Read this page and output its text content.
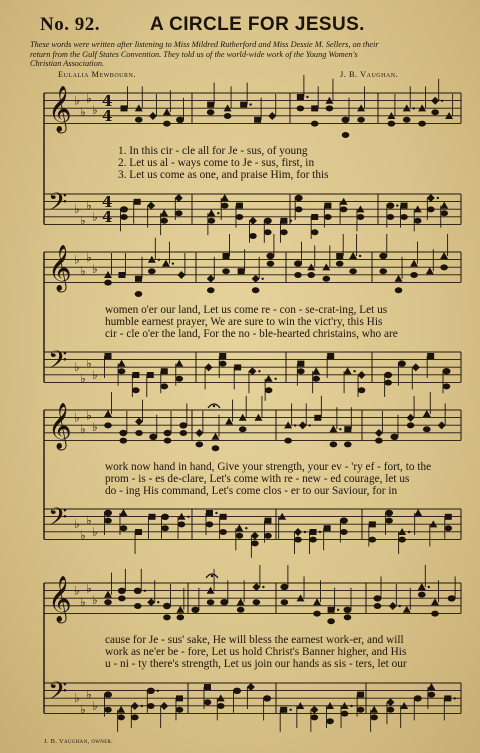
No. 92.	A CIRCLE FOR JESUS.
These words were written after listening to Miss Mildred Rutherford and Miss Dessie M. Sellers, on their
return from the Gulf States Convention. They told us of the world-wide work of the Young Women's
Christian Association.
Eulalia Mewbourn.	J. B. Vaughan.
𝄞 ♭
♭
♭
♭
4
4
𝄢 ♭
♭
♭
♭
4
4
𝄞 ♭
♭
♭
♭
𝄢 ♭
♭
♭
♭
𝄞 ♭
♭
♭
♭
𝄢 ♭
♭
♭
♭
𝄞 ♭
♭
♭
♭
𝄢 ♭
♭
♭
♭
1. In this cir - cle all for Je - sus, of young
2. Let us al - ways come to Je - sus, first, in
3. Let us come as one, and praise Him, for this
women o'er our land, Let us come re - con - se-crat-ing, Let us
humble earnest prayer, We are sure to win the vict'ry, this His
cir - cle o'er the land, For the no - ble-hearted christains, who are
work now hand in hand, Give your strength, your ev - 'ry ef - fort, to the
prom - is - es de-clare, Let's come with re - new - ed courage, let us
do - ing His command, Let's come clos - er to our Saviour, for in
cause for Je - sus' sake, He will bless the earnest work-er, and will
work as ne'er be - fore, Let us hold Christ's Banner higher, and His
u - ni - ty there's strength, Let us join our hands as sis - ters, let our
J. B. Vaughan, owner.
